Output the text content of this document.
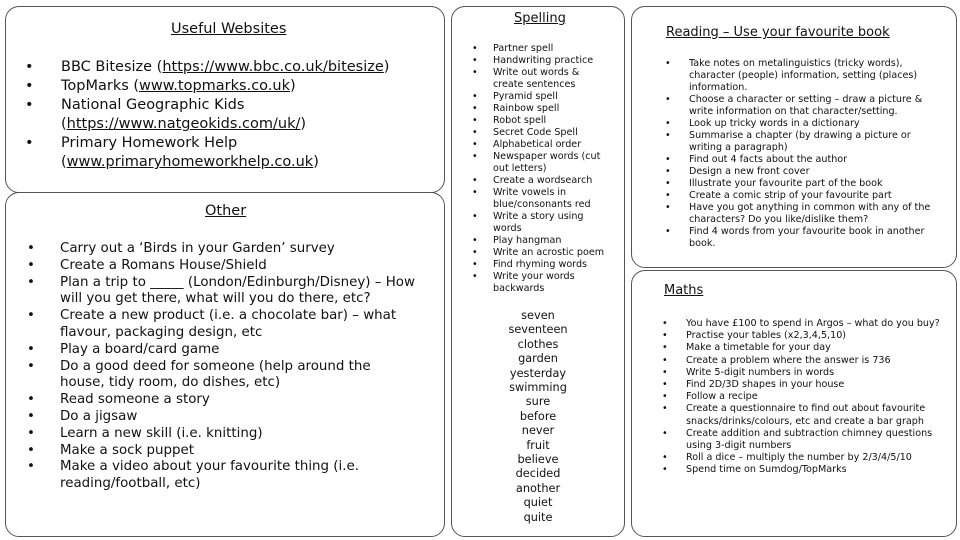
Useful Websites
Other
Spelling
Reading – Use your favourite book
Maths
• BBC Bitesize (https://www.bbc.co.uk/bitesize)
• TopMarks (www.topmarks.co.uk)
• National Geographic Kids (https://www.natgeokids.com/uk/)
• Primary Homework Help (www.primaryhomeworkhelp.co.uk)
• Carry out a ‘Birds in your Garden’ survey
• Create a Romans House/Shield
• Plan a trip to _____ (London/Edinburgh/Disney) – How will you get there, what will you do there, etc?
• Create a new product (i.e. a chocolate bar) – what flavour, packaging design, etc
• Play a board/card game
• Do a good deed for someone (help around the house, tidy room, do dishes, etc)
• Read someone a story
• Do a jigsaw
• Learn a new skill (i.e. knitting)
• Make a sock puppet
• Make a video about your favourite thing (i.e. reading/football, etc)
• Partner spell
• Handwriting practice
• Write out words & create sentences
• Pyramid spell
• Rainbow spell
• Robot spell
• Secret Code Spell
• Alphabetical order
• Newspaper words (cut out letters)
• Create a wordsearch
• Write vowels in blue/consonants red
• Write a story using words
• Play hangman
• Write an acrostic poem
• Find rhyming words
• Write your words backwards
seven
seventeen
clothes
garden
yesterday
swimming
sure
before
never
fruit
believe
decided
another
quiet
quite
• Take notes on metalinguistics (tricky words), character (people) information, setting (places) information.
• Choose a character or setting – draw a picture & write information on that character/setting.
• Look up tricky words in a dictionary
• Summarise a chapter (by drawing a picture or writing a paragraph)
• Find out 4 facts about the author
• Design a new front cover
• Illustrate your favourite part of the book
• Create a comic strip of your favourite part
• Have you got anything in common with any of the characters? Do you like/dislike them?
• Find 4 words from your favourite book in another book.
• You have £100 to spend in Argos – what do you buy?
• Practise your tables (x2,3,4,5,10)
• Make a timetable for your day
• Create a problem where the answer is 736
• Write 5-digit numbers in words
• Find 2D/3D shapes in your house
• Follow a recipe
• Create a questionnaire to find out about favourite snacks/drinks/colours, etc and create a bar graph
• Create addition and subtraction chimney questions using 3-digit numbers
• Roll a dice – multiply the number by 2/3/4/5/10
• Spend time on Sumdog/TopMarks
